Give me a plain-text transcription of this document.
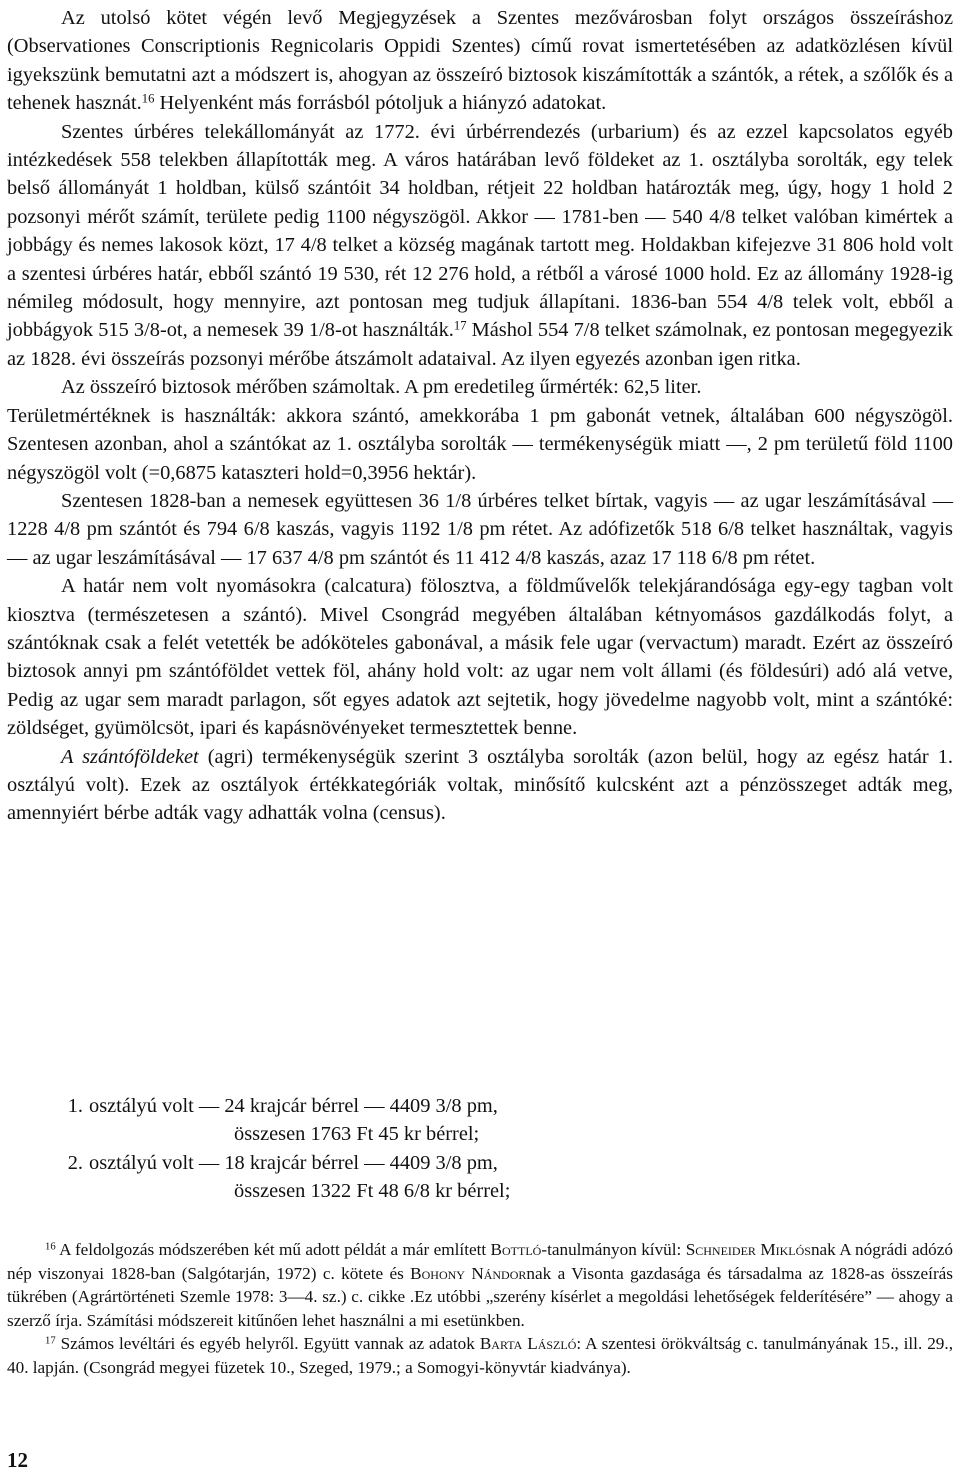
Az utolsó kötet végén levő Megjegyzések a Szentes mezővárosban folyt országos összeíráshoz (Observationes Conscriptionis Regnicolaris Oppidi Szentes) című rovat ismertetésében az adatközlésen kívül igyekszünk bemutatni azt a módszert is, ahogyan az összeíró biztosok kiszámították a szántók, a rétek, a szőlők és a tehenek hasznát.$^{16}$ Helyenként más forrásból pótoljuk a hiányzó adatokat.

Szentes úrbéres telekállományát az 1772. évi úrbérrendezés (urbarium) és az ezzel kapcsolatos egyéb intézkedések 558 telekben állapították meg. A város határában levő földeket az 1. osztályba sorolták, egy telek belső állományát 1 holdban, külső szántóit 34 holdban, rétjeit 22 holdban határozták meg, úgy, hogy 1 hold 2 pozsonyi mérőt számít, területe pedig 1100 négyszögöl. Akkor — 1781-ben — 540 4/8 telket valóban kimértek a jobbágy és nemes lakosok közt, 17 4/8 telket a község magának tartott meg. Holdakban kifejezve 31 806 hold volt a szentesi úrbéres határ, ebből szántó 19 530, rét 12 276 hold, a rétből a városé 1000 hold. Ez az állomány 1928-ig némileg módosult, hogy mennyire, azt pontosan meg tudjuk állapítani. 1836-ban 554 4/8 telek volt, ebből a jobbágyok 515 3/8-ot, a nemesek 39 1/8-ot használták.$^{17}$ Máshol 554 7/8 telket számolnak, ez pontosan megegyezik az 1828. évi összeírás pozsonyi mérőbe átszámolt adataival. Az ilyen egyezés azonban igen ritka.

Az összeíró biztosok mérőben számoltak. A pm eredetileg űrmérték: 62,5 liter.

Területmértéknek is használták: akkora szántó, amekkorába 1 pm gabonát vetnek, általában 600 négyszögöl. Szentesen azonban, ahol a szántókat az 1. osztályba sorolták — termékenységük miatt —, 2 pm területű föld 1100 négyszögöl volt (=0,6875 kataszteri hold=0,3956 hektár).

Szentesen 1828-ban a nemesek együttesen 36 1/8 úrbéres telket bírtak, vagyis — az ugar leszámításával — 1228 4/8 pm szántót és 794 6/8 kaszás, vagyis 1192 1/8 pm rétet. Az adófizetők 518 6/8 telket használtak, vagyis — az ugar leszámításával — 17 637 4/8 pm szántót és 11 412 4/8 kaszás, azaz 17 118 6/8 pm rétet.

A határ nem volt nyomásokra (calcatura) fölosztva, a földművelők telekjárandósága egy-egy tagban volt kiosztva (természetesen a szántó). Mivel Csongrád megyében általában kétnyomásos gazdálkodás folyt, a szántóknak csak a felét vetették be adóköteles gabonával, a másik fele ugar (vervactum) maradt. Ezért az összeíró biztosok annyi pm szántóföldet vettek föl, ahány hold volt: az ugar nem volt állami (és földesúri) adó alá vetve, Pedig az ugar sem maradt parlagon, sőt egyes adatok azt sejtetik, hogy jövedelme nagyobb volt, mint a szántóké: zöldséget, gyümölcsöt, ipari és kapásnövényeket termesztettek benne.

A szántóföldeket (agri) termékenységük szerint 3 osztályba sorolták (azon belül, hogy az egész határ 1. osztályú volt). Ezek az osztályok értékkategóriák voltak, minősítő kulcsként azt a pénzösszeget adták meg, amennyiért bérbe adták vagy adhatták volna (census).

1. osztályú volt — 24 krajcár bérrel — 4409 3/8 pm,
összesen 1763 Ft 45 kr bérrel;
2. osztályú volt — 18 krajcár bérrel — 4409 3/8 pm,
összesen 1322 Ft 48 6/8 kr bérrel;

$^{16}$ A feldolgozás módszerében két mű adott példát a már említett Bottló-tanulmányon kívül: Schneider Miklósnak A nógrádi adózó nép viszonyai 1828-ban (Salgótarján, 1972) c. kötete és Bohony Nándornak a Visonta gazdasága és társadalma az 1828-as összeírás tükrében (Agrártörténeti Szemle 1978: 3—4. sz.) c. cikke .Ez utóbbi „szerény kísérlet a megoldási lehetőségek felderítésére” — ahogy a szerző írja. Számítási módszereit kitűnően lehet használni a mi esetünkben.

$^{17}$ Számos levéltári és egyéb helyről. Együtt vannak az adatok Barta László: A szentesi örökváltság c. tanulmányának 15., ill. 29., 40. lapján. (Csongrád megyei füzetek 10., Szeged, 1979.; a Somogyi-könyvtár kiadványa).

12
